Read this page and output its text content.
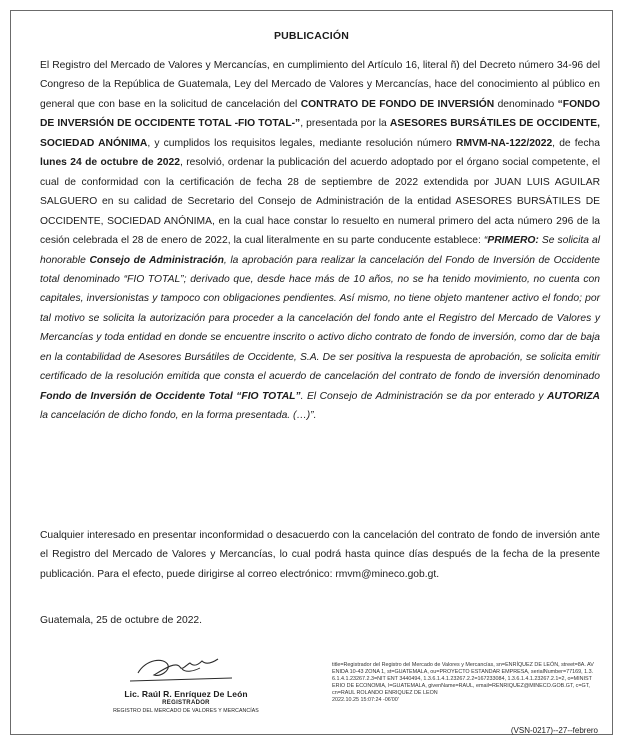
PUBLICACIÓN

El Registro del Mercado de Valores y Mercancías, en cumplimiento del Artículo 16, literal ñ) del Decreto número 34-96 del Congreso de la República de Guatemala, Ley del Mercado de Valores y Mercancías, hace del conocimiento al público en general que con base en la solicitud de cancelación del CONTRATO DE FONDO DE INVERSIÓN denominado “FONDO DE INVERSIÓN DE OCCIDENTE TOTAL -FIO TOTAL-”, presentada por la ASESORES BURSÁTILES DE OCCIDENTE, SOCIEDAD ANÓNIMA, y cumplidos los requisitos legales, mediante resolución número RMVM-NA-122/2022, de fecha lunes 24 de octubre de 2022, resolvió, ordenar la publicación del acuerdo adoptado por el órgano social competente, el cual de conformidad con la certificación de fecha 28 de septiembre de 2022 extendida por JUAN LUIS AGUILAR SALGUERO en su calidad de Secretario del Consejo de Administración de la entidad ASESORES BURSÁTILES DE OCCIDENTE, SOCIEDAD ANÓNIMA, en la cual hace constar lo resuelto en numeral primero del acta número 296 de la cesión celebrada el 28 de enero de 2022, la cual literalmente en su parte conducente establece: “PRIMERO: Se solicita al honorable Consejo de Administración, la aprobación para realizar la cancelación del Fondo de Inversión de Occidente total denominado “FIO TOTAL”; derivado que, desde hace más de 10 años, no se ha tenido movimiento, no cuenta con capitales, inversionistas y tampoco con obligaciones pendientes. Así mismo, no tiene objeto mantener activo el fondo; por tal motivo se solicita la autorización para proceder a la cancelación del fondo ante el Registro del Mercado de Valores y Mercancías y toda entidad en donde se encuentre inscrito o activo dicho contrato de fondo de inversión, como dar de baja en la contabilidad de Asesores Bursátiles de Occidente, S.A. De ser positiva la respuesta de aprobación, se solicita emitir certificado de la resolución emitida que consta el acuerdo de cancelación del contrato de fondo de inversión denominado Fondo de Inversión de Occidente Total “FIO TOTAL”. El Consejo de Administración se da por enterado y AUTORIZA la cancelación de dicho fondo, en la forma presentada. (…)”.

Cualquier interesado en presentar inconformidad o desacuerdo con la cancelación del contrato de fondo de inversión ante el Registro del Mercado de Valores y Mercancías, lo cual podrá hasta quince días después de la fecha de la presente publicación. Para el efecto, puede dirigirse al correo electrónico: rmvm@mineco.gob.gt.

Guatemala, 25 de octubre de 2022.
Lic. Raúl R. Enríquez De León
REGISTRADOR
REGISTRO DEL MERCADO DE VALORES Y MERCANCÍAS
title=Registrador del Registro del Mercado de Valores y Mercancías, sn=ENRÍQUEZ DE LEÓN, street=8A. AVENIDA 10-43 ZONA 1, st=GUATEMALA, ou=PROYECTO ESTANDAR EMPRESA, serialNumber=77169, 1.3.6.1.4.1.23267.2.3=NIT ENT 3440494, 1.3.6.1.4.1.23267.2.2=167233084, 1.3.6.1.4.1.23267.2.1=2, o=MINISTERIO DE ECONOMIA, l=GUATEMALA, givenName=RAUL, email=RENRIQUEZ@MINECO.GOB.GT, c=GT, cn=RAUL ROLANDO ENRIQUEZ DE LEON
2022.10.25 15:07:24 -06'00'
(VSN-0217)--27--febrero
